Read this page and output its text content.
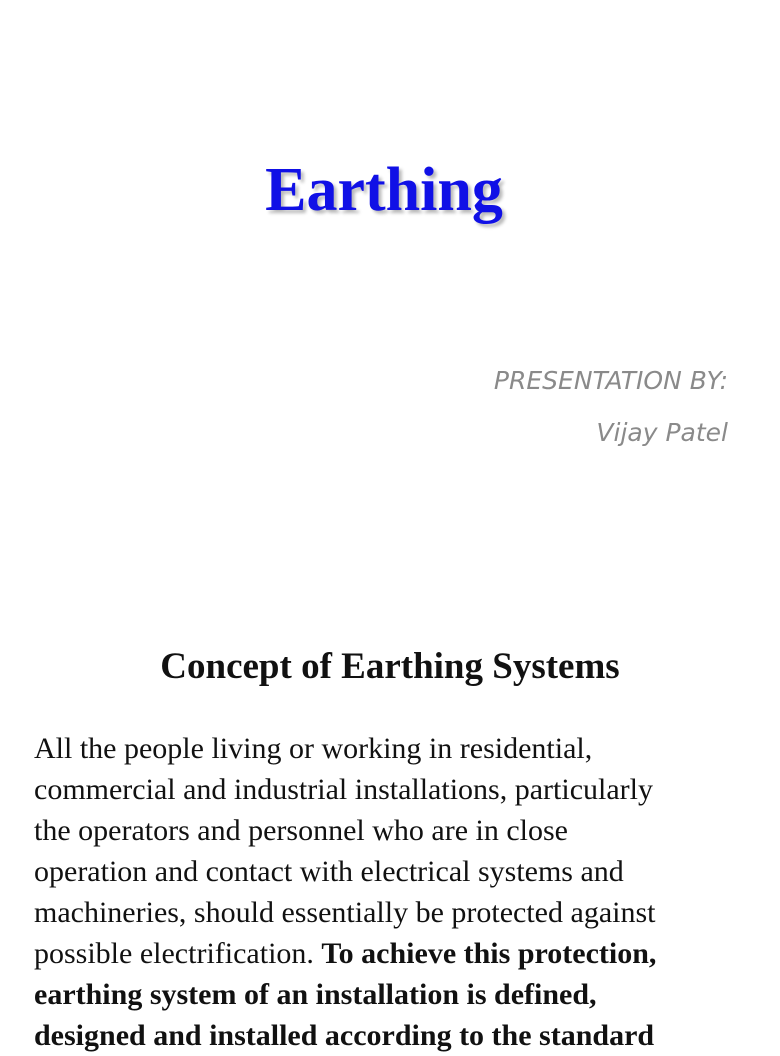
Earthing
PRESENTATION BY:
Vijay Patel
Concept of Earthing Systems
All the people living or working in residential,
commercial and industrial installations, particularly
the operators and personnel who are in close
operation and contact with electrical systems and
machineries, should essentially be protected against
possible electrification. To achieve this protection,
earthing system of an installation is defined,
designed and installed according to the standard
